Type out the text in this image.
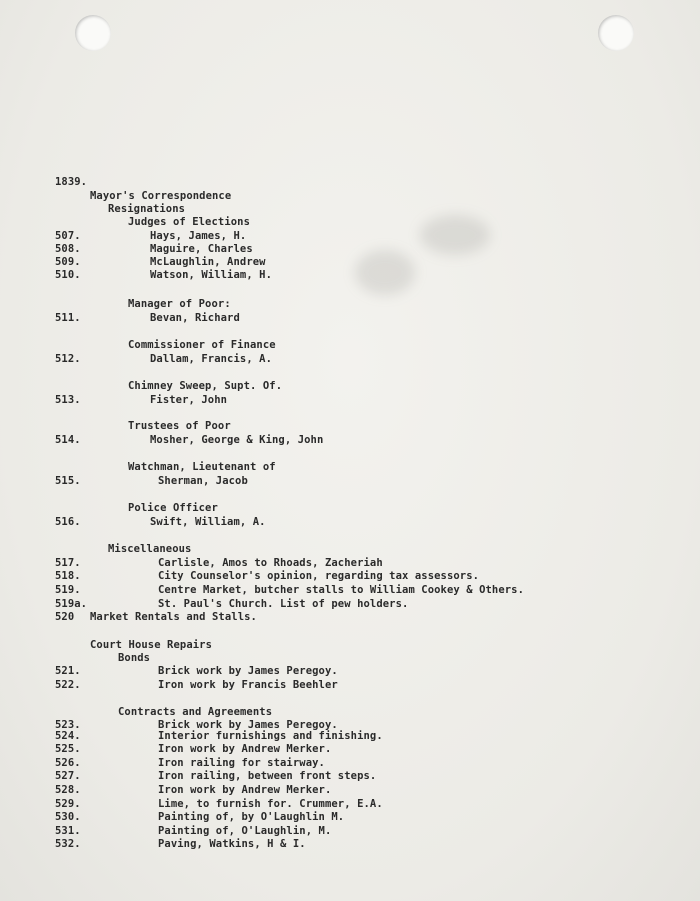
1839.
Mayor's Correspondence
Resignations
Judges of Elections
507.	Hays, James, H.
508.	Maguire, Charles
509.	McLaughlin, Andrew
510.	Watson, William, H.
Manager of Poor:
511.	Bevan, Richard
Commissioner of Finance
512.	Dallam, Francis, A.
Chimney Sweep, Supt. Of.
513.	Fister, John
Trustees of Poor
514.	Mosher, George & King, John
Watchman, Lieutenant of
515.	Sherman, Jacob
Police Officer
516.	Swift, William, A.
Miscellaneous
517.	Carlisle, Amos to Rhoads, Zacheriah
518.	City Counselor's opinion, regarding tax assessors.
519.	Centre Market, butcher stalls to William Cookey & Others.
519a.	St. Paul's Church. List of pew holders.
520 Market Rentals and Stalls.
Court House Repairs
Bonds
521.	Brick work by James Peregoy.
522.	Iron work by Francis Beehler
Contracts and Agreements
523.	Brick work by James Peregoy.
524.	Interior furnishings and finishing.
525.	Iron work by Andrew Merker.
526.	Iron railing for stairway.
527.	Iron railing, between front steps.
528.	Iron work by Andrew Merker.
529.	Lime, to furnish for. Crummer, E.A.
530.	Painting of, by O'Laughlin M.
531.	Painting of, O'Laughlin, M.
532.	Paving, Watkins, H & I.
